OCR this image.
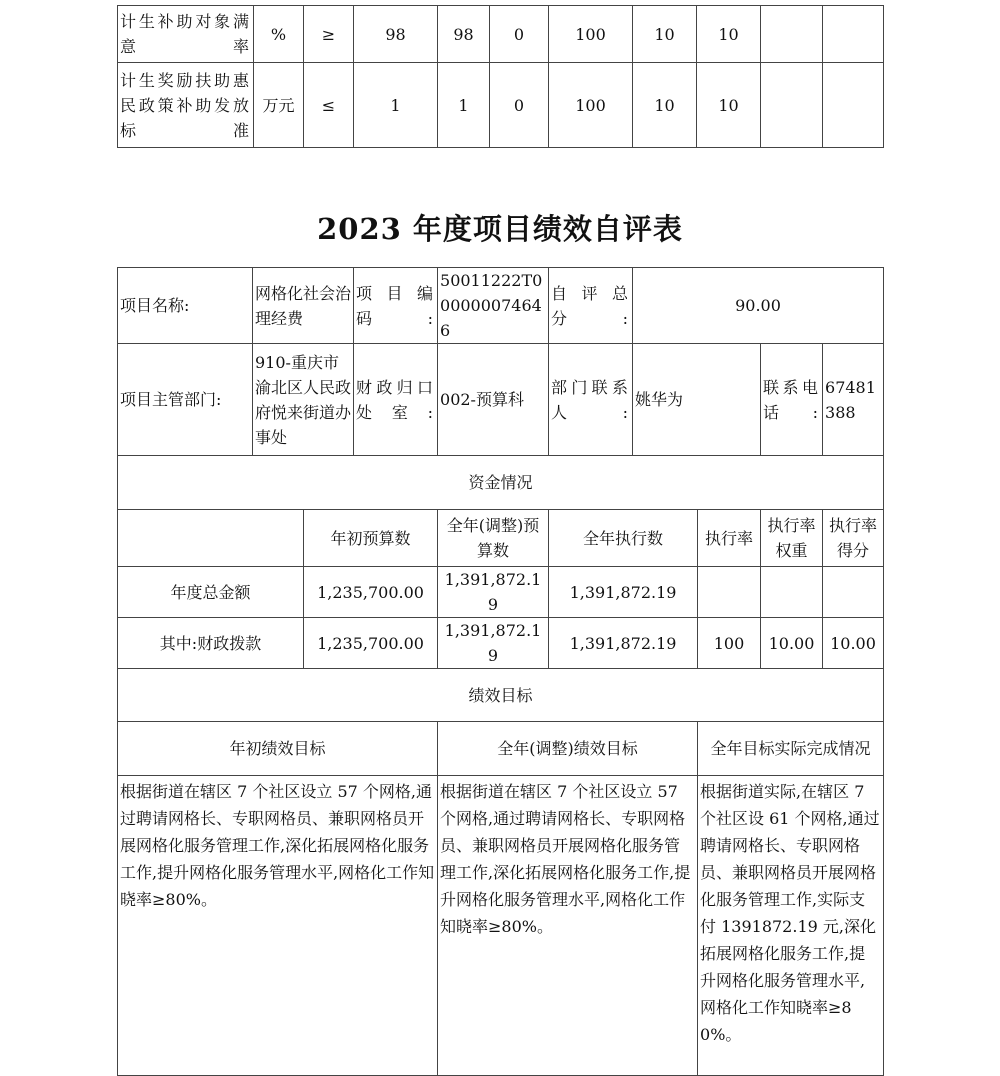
计生补助对象满意率	%	≥	98	98	0	100	10	10		
计生奖励扶助惠民政策补助发放标准	万元	≤	1	1	0	100	10	10		
2023 年度项目绩效自评表
项目名称:	网格化社会治理经费		项目编码:	50011222T000000074646	自评总分:	90.00			
项目主管部门:	910-重庆市渝北区人民政府悦来街道办事处		财政归口处室:	002-预算科	部门联系人:	姚华为		联系电话:	67481388
资金情况									
		年初预算数		全年(调整)预算数	全年执行数		执行率	执行率权重	执行率得分
年度总金额		1,235,700.00		1,391,872.19	1,391,872.19				
其中:财政拨款		1,235,700.00		1,391,872.19	1,391,872.19		100	10.00	10.00
绩效目标									
年初绩效目标				全年(调整)绩效目标			全年目标实际完成情况		
根据街道在辖区 7 个社区设立 57 个网格,通过聘请网格长、专职网格员、兼职网格员开展网格化服务管理工作,深化拓展网格化服务工作,提升网格化服务管理水平,网格化工作知晓率≥80%。				根据街道在辖区 7 个社区设立 57 个网格,通过聘请网格长、专职网格员、兼职网格员开展网格化服务管理工作,深化拓展网格化服务工作,提升网格化服务管理水平,网格化工作知晓率≥80%。			根据街道实际,在辖区 7 个社区设 61 个网格,通过聘请网格长、专职网格员、兼职网格员开展网格化服务管理工作,实际支付 1391872.19 元,深化拓展网格化服务工作,提升网格化服务管理水平,网格化工作知晓率≥80%。		
